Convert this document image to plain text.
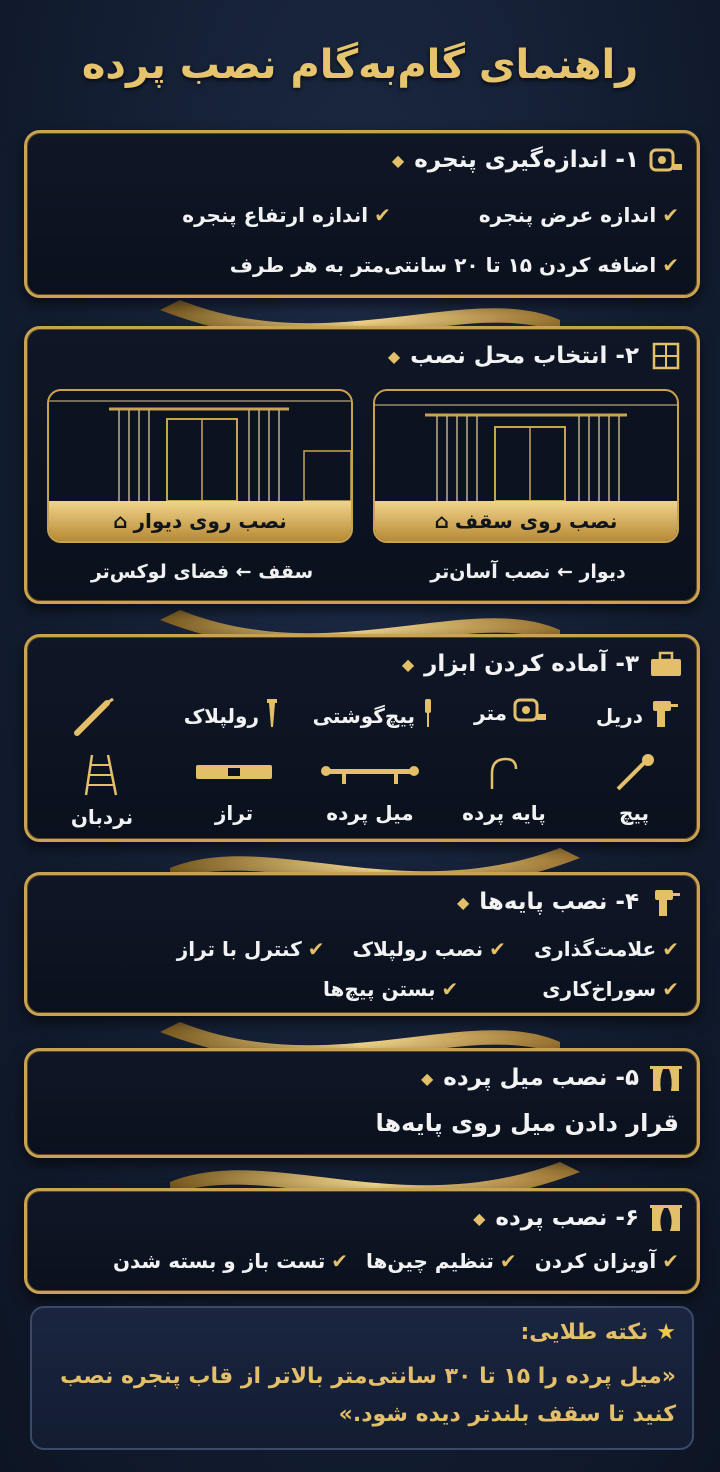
راهنمای گام‌به‌گام نصب پرده
۱- اندازه‌گیری پنجره
◆
✔اندازه عرض پنجره
✔اندازه ارتفاع پنجره
✔اضافه کردن ۱۵ تا ۲۰ سانتی‌متر به هر طرف
۲- انتخاب محل نصب
◆
نصب روی سقف
⌂
دیوار ← نصب آسان‌تر
نصب روی دیوار
⌂
سقف ← فضای لوکس‌تر
۳- آماده کردن ابزار
◆
دریل
متر
پیچ‌گوشتی
رولپلاک
پیچ
پایه پرده
میل پرده
تراز
نردبان
۴- نصب پایه‌ها
◆
✔علامت‌گذاری
✔نصب رولپلاک
✔کنترل با تراز
✔سوراخ‌کاری
✔بستن پیچ‌ها
۵- نصب میل پرده
◆
قرار دادن میل روی پایه‌ها
۶- نصب پرده
◆
✔آویزان کردن
✔تنظیم چین‌ها
✔تست باز و بسته شدن
★
نکته طلایی:
«میل پرده را ۱۵ تا ۳۰ سانتی‌متر بالاتر از قاب پنجره نصب کنید تا سقف بلندتر دیده شود.»
